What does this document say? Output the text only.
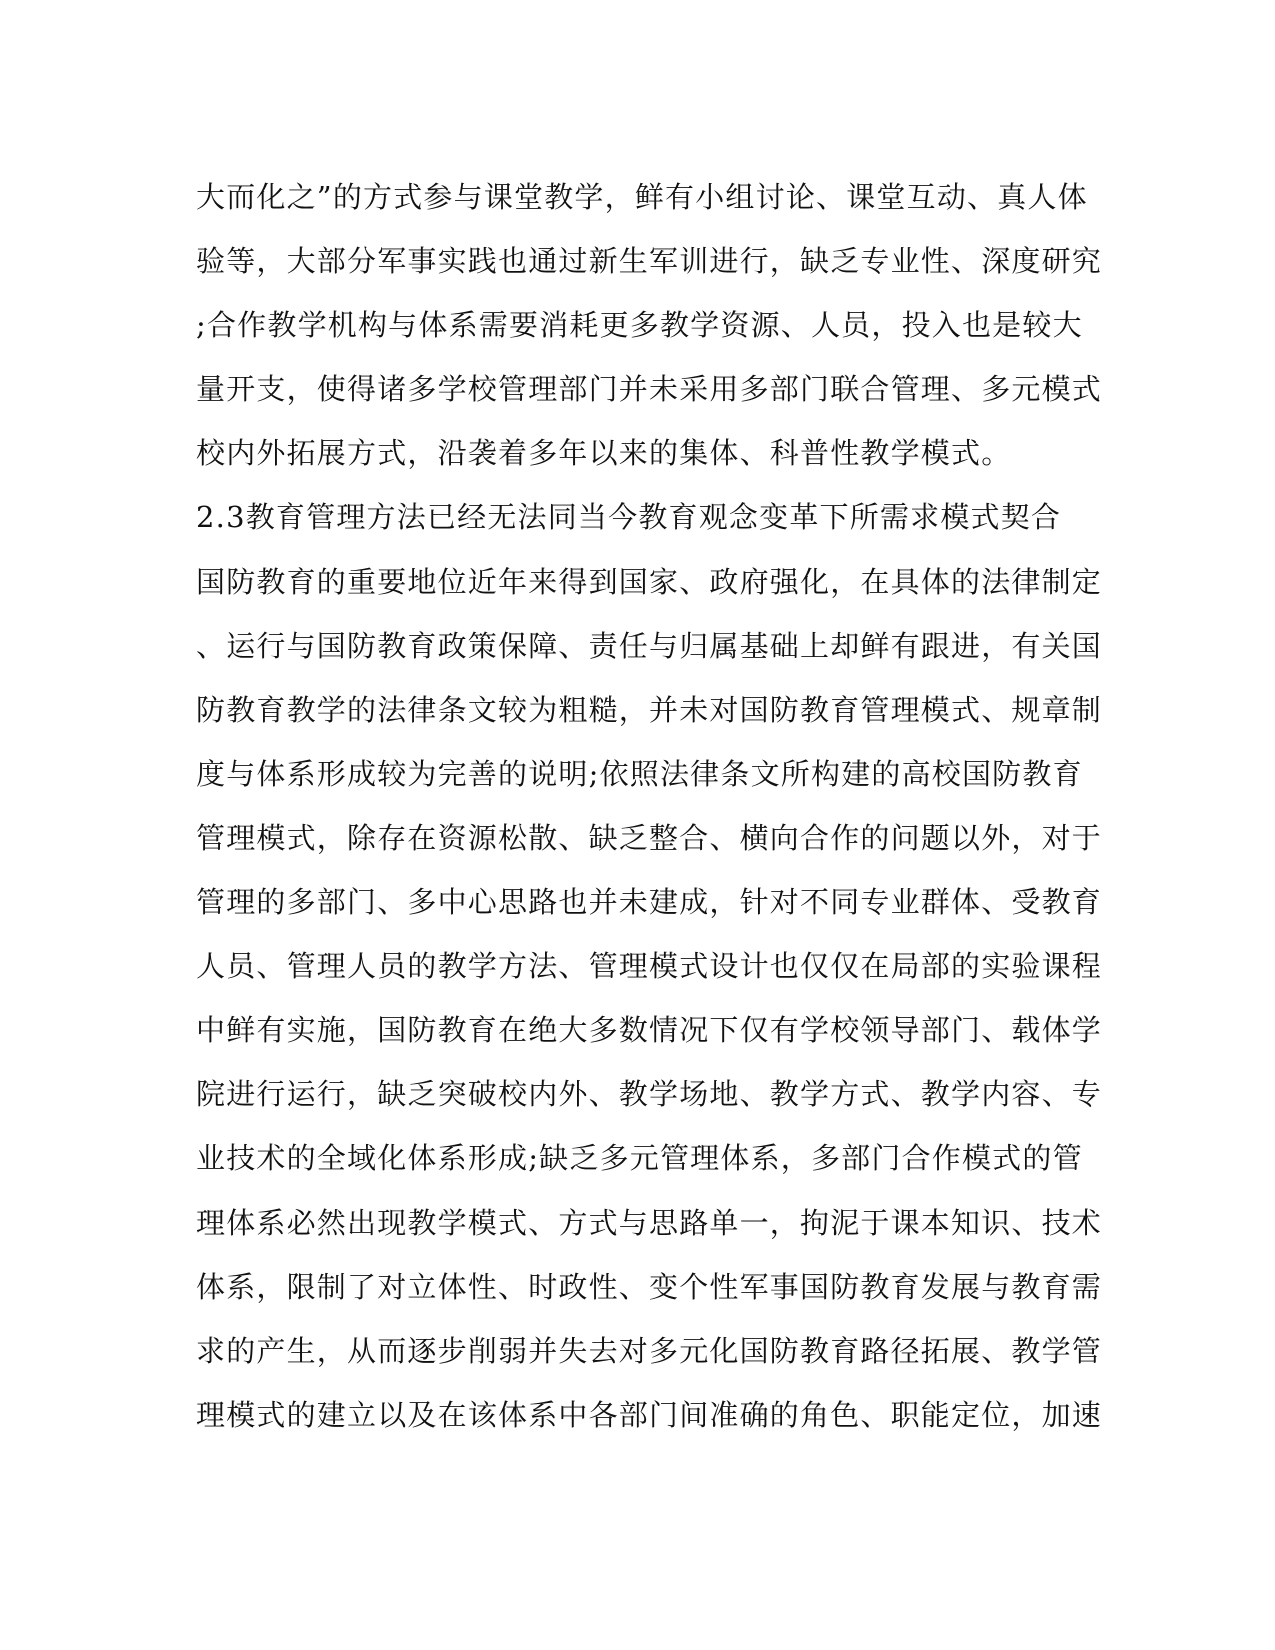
大而化之”的方式参与课堂教学，鲜有小组讨论、课堂互动、真人体
验等，大部分军事实践也通过新生军训进行，缺乏专业性、深度研究
;合作教学机构与体系需要消耗更多教学资源、人员，投入也是较大
量开支，使得诸多学校管理部门并未采用多部门联合管理、多元模式
校内外拓展方式，沿袭着多年以来的集体、科普性教学模式。
2.3教育管理方法已经无法同当今教育观念变革下所需求模式契合
国防教育的重要地位近年来得到国家、政府强化，在具体的法律制定
、运行与国防教育政策保障、责任与归属基础上却鲜有跟进，有关国
防教育教学的法律条文较为粗糙，并未对国防教育管理模式、规章制
度与体系形成较为完善的说明;依照法律条文所构建的高校国防教育
管理模式，除存在资源松散、缺乏整合、横向合作的问题以外，对于
管理的多部门、多中心思路也并未建成，针对不同专业群体、受教育
人员、管理人员的教学方法、管理模式设计也仅仅在局部的实验课程
中鲜有实施，国防教育在绝大多数情况下仅有学校领导部门、载体学
院进行运行，缺乏突破校内外、教学场地、教学方式、教学内容、专
业技术的全域化体系形成;缺乏多元管理体系，多部门合作模式的管
理体系必然出现教学模式、方式与思路单一，拘泥于课本知识、技术
体系，限制了对立体性、时政性、变个性军事国防教育发展与教育需
求的产生，从而逐步削弱并失去对多元化国防教育路径拓展、教学管
理模式的建立以及在该体系中各部门间准确的角色、职能定位，加速
